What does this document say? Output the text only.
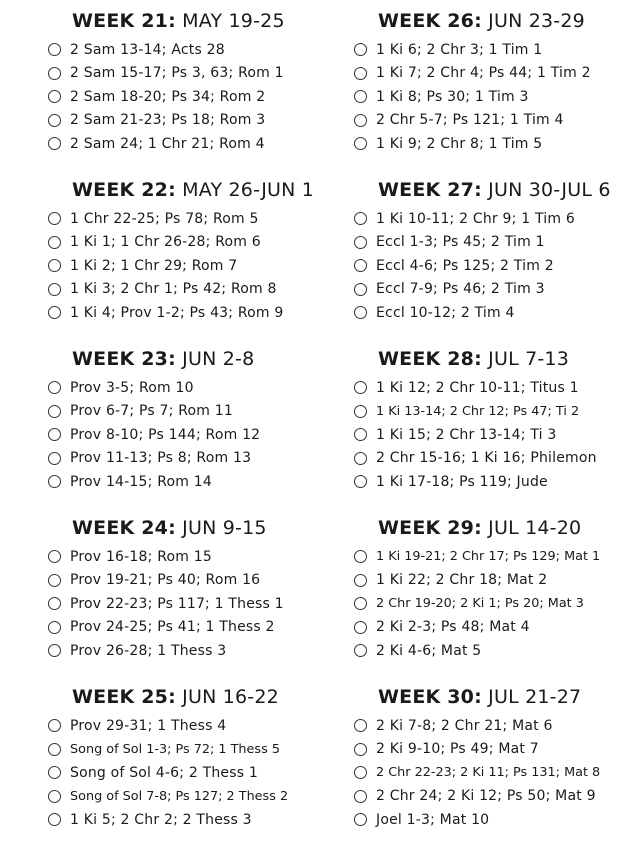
WEEK 21: MAY 19-25
2 Sam 13-14; Acts 28
2 Sam 15-17; Ps 3, 63; Rom 1
2 Sam 18-20; Ps 34; Rom 2
2 Sam 21-23; Ps 18; Rom 3
2 Sam 24; 1 Chr 21; Rom 4
WEEK 22: MAY 26-JUN 1
1 Chr 22-25; Ps 78; Rom 5
1 Ki 1; 1 Chr 26-28; Rom 6
1 Ki 2; 1 Chr 29; Rom 7
1 Ki 3; 2 Chr 1; Ps 42; Rom 8
1 Ki 4; Prov 1-2; Ps 43; Rom 9
WEEK 23: JUN 2-8
Prov 3-5; Rom 10
Prov 6-7; Ps 7; Rom 11
Prov 8-10; Ps 144; Rom 12
Prov 11-13; Ps 8; Rom 13
Prov 14-15; Rom 14
WEEK 24: JUN 9-15
Prov 16-18; Rom 15
Prov 19-21; Ps 40; Rom 16
Prov 22-23; Ps 117; 1 Thess 1
Prov 24-25; Ps 41; 1 Thess 2
Prov 26-28; 1 Thess 3
WEEK 25: JUN 16-22
Prov 29-31; 1 Thess 4
Song of Sol 1-3; Ps 72; 1 Thess 5
Song of Sol 4-6; 2 Thess 1
Song of Sol 7-8; Ps 127; 2 Thess 2
1 Ki 5; 2 Chr 2; 2 Thess 3
WEEK 26: JUN 23-29
1 Ki 6; 2 Chr 3; 1 Tim 1
1 Ki 7; 2 Chr 4; Ps 44; 1 Tim 2
1 Ki 8; Ps 30; 1 Tim 3
2 Chr 5-7; Ps 121; 1 Tim 4
1 Ki 9; 2 Chr 8; 1 Tim 5
WEEK 27: JUN 30-JUL 6
1 Ki 10-11; 2 Chr 9; 1 Tim 6
Eccl 1-3; Ps 45; 2 Tim 1
Eccl 4-6; Ps 125; 2 Tim 2
Eccl 7-9; Ps 46; 2 Tim 3
Eccl 10-12; 2 Tim 4
WEEK 28: JUL 7-13
1 Ki 12; 2 Chr 10-11; Titus 1
1 Ki 13-14; 2 Chr 12; Ps 47; Ti 2
1 Ki 15; 2 Chr 13-14; Ti 3
2 Chr 15-16; 1 Ki 16; Philemon
1 Ki 17-18; Ps 119; Jude
WEEK 29: JUL 14-20
1 Ki 19-21; 2 Chr 17; Ps 129; Mat 1
1 Ki 22; 2 Chr 18; Mat 2
2 Chr 19-20; 2 Ki 1; Ps 20; Mat 3
2 Ki 2-3; Ps 48; Mat 4
2 Ki 4-6; Mat 5
WEEK 30: JUL 21-27
2 Ki 7-8; 2 Chr 21; Mat 6
2 Ki 9-10; Ps 49; Mat 7
2 Chr 22-23; 2 Ki 11; Ps 131; Mat 8
2 Chr 24; 2 Ki 12; Ps 50; Mat 9
Joel 1-3; Mat 10
